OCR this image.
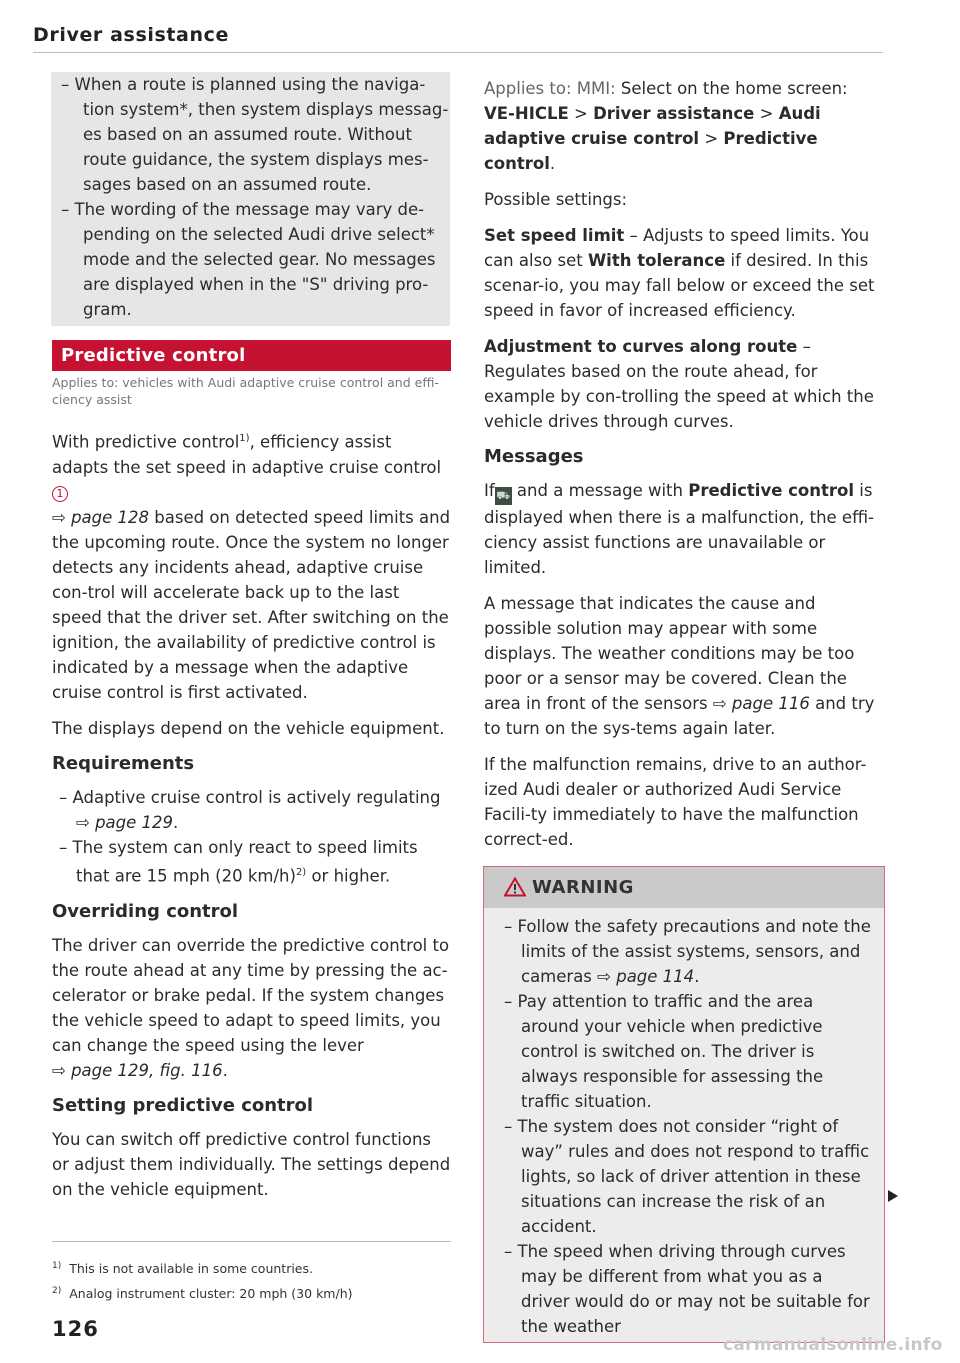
Driver assistance
– When a route is planned using the naviga-tion system*, then system displays messag-es based on an assumed route. Without route guidance, the system displays mes-sages based on an assumed route.
– The wording of the message may vary de-pending on the selected Audi drive select* mode and the selected gear. No messages are displayed when in the "S" driving pro-gram.
Predictive control
Applies to: vehicles with Audi adaptive cruise control and effi-ciency assist

With predictive control$^{1)}$, efficiency assist adapts the set speed in adaptive cruise control 1
⇨ page 128 based on detected speed limits and the upcoming route. Once the system no longer detects any incidents ahead, adaptive cruise con-trol will accelerate back up to the last speed that the driver set. After switching on the ignition, the availability of predictive control is indicated by a message when the adaptive cruise control is first activated.

The displays depend on the vehicle equipment.

Requirements
– Adaptive cruise control is actively regulating
⇨ page 129.
– The system can only react to speed limits that are 15 mph (20 km/h)$^{2)}$ or higher.
Overriding control

The driver can override the predictive control to the route ahead at any time by pressing the ac-celerator or brake pedal. If the system changes the vehicle speed to adapt to speed limits, you can change the speed using the lever
⇨ page 129, fig. 116.

Setting predictive control

You can switch off predictive control functions or adjust them individually. The settings depend on the vehicle equipment.

$^{1)}$ This is not available in some countries.
$^{2)}$ Analog instrument cluster: 20 mph (30 km/h)
126

Applies to: MMI: Select on the home screen: VE-HICLE > Driver assistance > Audi adaptive cruise control > Predictive control.

Possible settings:

Set speed limit – Adjusts to speed limits. You can also set With tolerance if desired. In this scenar-io, you may fall below or exceed the set speed in favor of increased efficiency.

Adjustment to curves along route – Regulates based on the route ahead, for example by con-trolling the speed at which the vehicle drives through curves.

Messages

If ⛟ and a message with Predictive control is displayed when there is a malfunction, the effi-ciency assist functions are unavailable or limited.

A message that indicates the cause and possible solution may appear with some displays. The weather conditions may be too poor or a sensor may be covered. Clean the area in front of the sensors ⇨ page 116 and try to turn on the sys-tems again later.

If the malfunction remains, drive to an author-ized Audi dealer or authorized Audi Service Facili-ty immediately to have the malfunction correct-ed.

WARNING
– Follow the safety precautions and note the limits of the assist systems, sensors, and cameras ⇨ page 114.
– Pay attention to traffic and the area around your vehicle when predictive control is switched on. The driver is always responsible for assessing the traffic situation.
– The system does not consider “right of way” rules and does not respond to traffic lights, so lack of driver attention in these situations can increase the risk of an accident.
– The speed when driving through curves may be different from what you as a driver would do or may not be suitable for the weather
carmanualsonline.info
